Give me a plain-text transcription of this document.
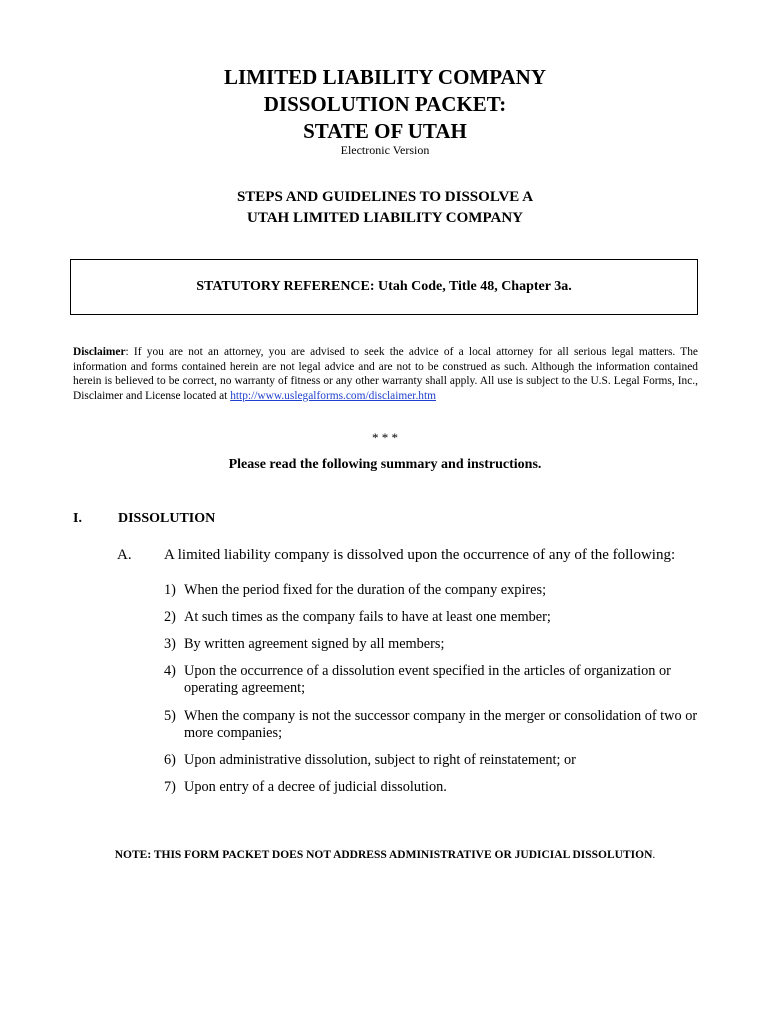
LIMITED LIABILITY COMPANY
DISSOLUTION PACKET:
STATE OF UTAH
Electronic Version
STEPS AND GUIDELINES TO DISSOLVE A
UTAH LIMITED LIABILITY COMPANY
STATUTORY REFERENCE: Utah Code, Title 48, Chapter 3a.
Disclaimer: If you are not an attorney, you are advised to seek the advice of a local attorney for all serious legal matters. The information and forms contained herein are not legal advice and are not to be construed as such. Although the information contained herein is believed to be correct, no warranty of fitness or any other warranty shall apply. All use is subject to the U.S. Legal Forms, Inc., Disclaimer and License located at http://www.uslegalforms.com/disclaimer.htm
* * *
Please read the following summary and instructions.
I.	DISSOLUTION
A. A limited liability company is dissolved upon the occurrence of any of the following:
1) When the period fixed for the duration of the company expires;
2) At such times as the company fails to have at least one member;
3) By written agreement signed by all members;
4) Upon the occurrence of a dissolution event specified in the articles of organization or operating agreement;
5) When the company is not the successor company in the merger or consolidation of two or more companies;
6) Upon administrative dissolution, subject to right of reinstatement; or
7) Upon entry of a decree of judicial dissolution.
NOTE: THIS FORM PACKET DOES NOT ADDRESS ADMINISTRATIVE OR JUDICIAL DISSOLUTION.
